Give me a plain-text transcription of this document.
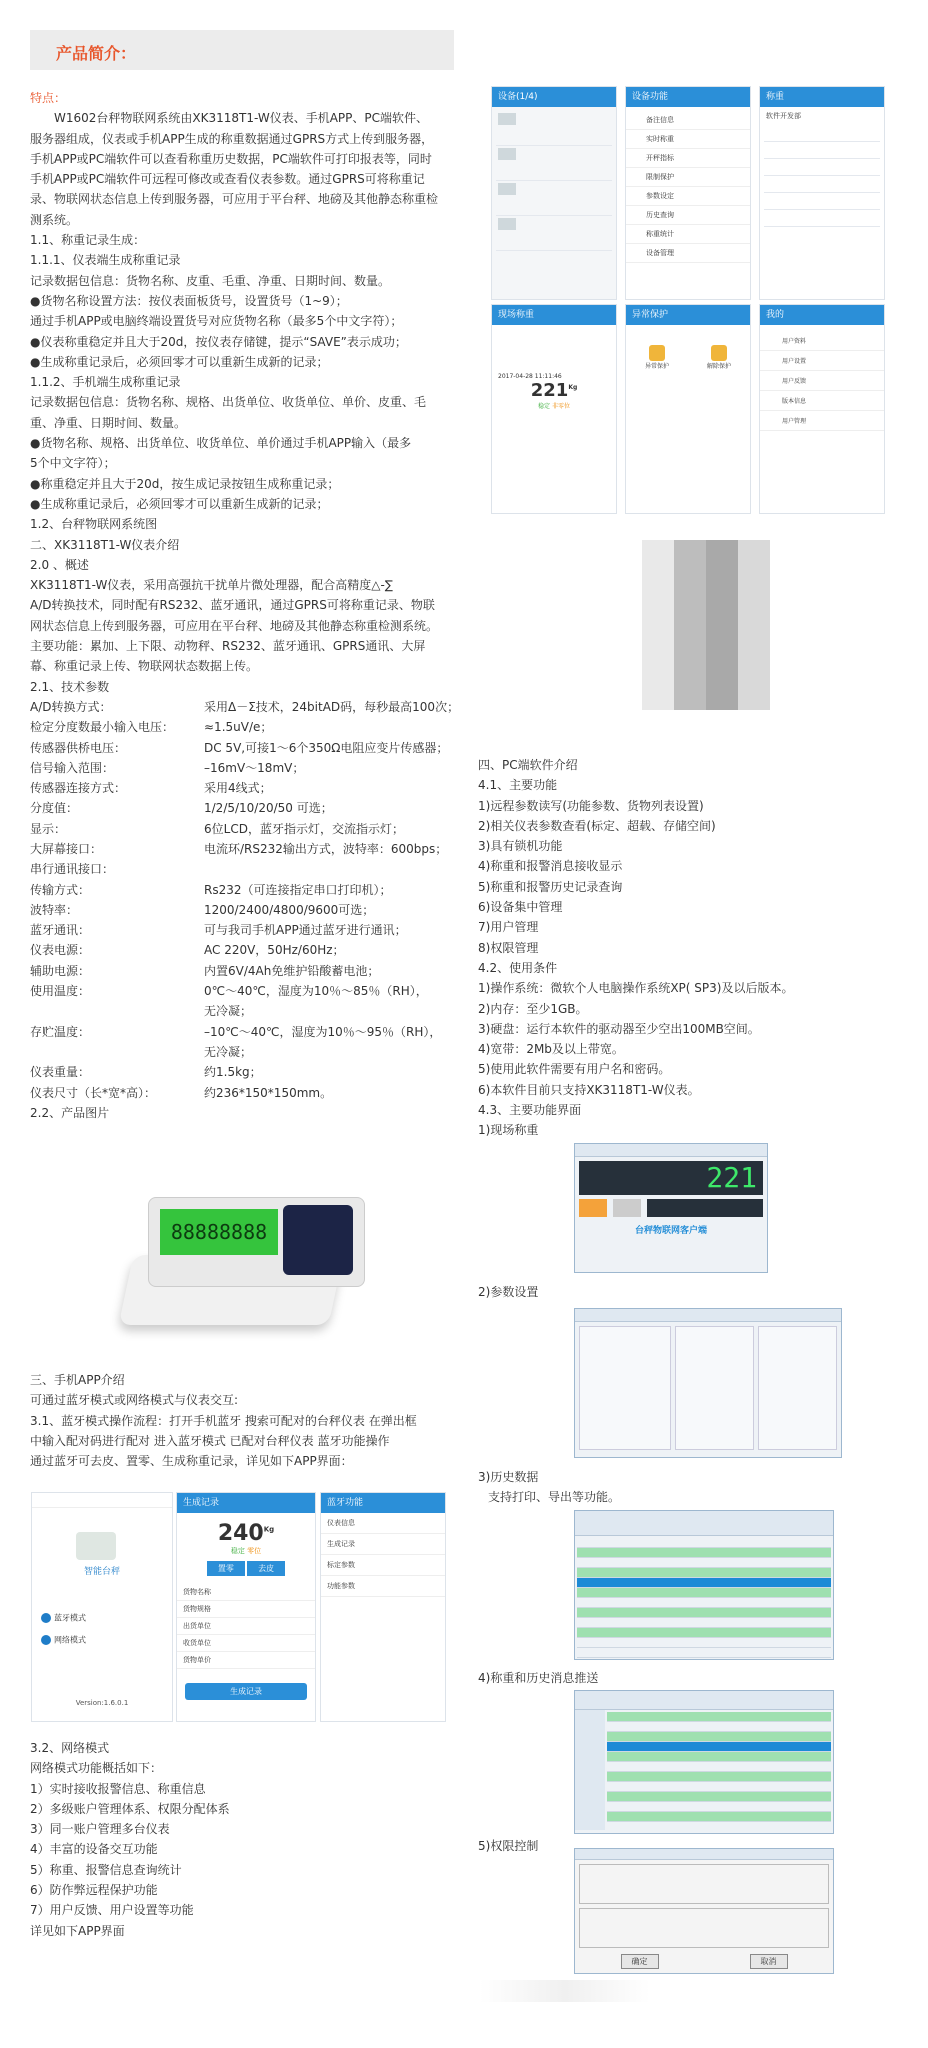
产品简介：

特点：

W1602台秤物联网系统由XK3118T1-W仪表、手机APP、PC端软件、

服务器组成，仪表或手机APP生成的称重数据通过GPRS方式上传到服务器，

手机APP或PC端软件可以查看称重历史数据，PC端软件可打印报表等，同时

手机APP或PC端软件可远程可修改或查看仪表参数。通过GPRS可将称重记

录、物联网状态信息上传到服务器，可应用于平台秤、地磅及其他静态称重检

测系统。

1.1、称重记录生成：

1.1.1、仪表端生成称重记录

记录数据包信息：货物名称、皮重、毛重、净重、日期时间、数量。

●货物名称设置方法：按仪表面板货号，设置货号（1~9）；

通过手机APP或电脑终端设置货号对应货物名称（最多5个中文字符）；

●仪表称重稳定并且大于20d，按仪表存储键，提示“SAVE”表示成功；

●生成称重记录后，必须回零才可以重新生成新的记录；

1.1.2、手机端生成称重记录

记录数据包信息：货物名称、规格、出货单位、收货单位、单价、皮重、毛

重、净重、日期时间、数量。

●货物名称、规格、出货单位、收货单位、单价通过手机APP输入（最多

5个中文字符）；

●称重稳定并且大于20d，按生成记录按钮生成称重记录；

●生成称重记录后，必须回零才可以重新生成新的记录；

1.2、台秤物联网系统图

二、XK3118T1-W仪表介绍

2.0 、概述

XK3118T1-W仪表，采用高强抗干扰单片微处理器，配合高精度△-∑

A/D转换技术，同时配有RS232、蓝牙通讯，通过GPRS可将称重记录、物联

网状态信息上传到服务器，可应用在平台秤、地磅及其他静态称重检测系统。

主要功能：累加、上下限、动物秤、RS232、蓝牙通讯、GPRS通讯、大屏

幕、称重记录上传、物联网状态数据上传。

2.1、技术参数

A/D转换方式：	采用Δ－Σ技术，24bitAD码，每秒最高100次；
检定分度数最小输入电压：	≈1.5uV/e；
传感器供桥电压：	DC 5V,可接1～6个350Ω电阻应变片传感器；
信号输入范围：	–16mV～18mV；
传感器连接方式：	采用4线式；
分度值：	1/2/5/10/20/50 可选；
显示：	6位LCD，蓝牙指示灯，交流指示灯；
大屏幕接口：	电流环/RS232输出方式，波特率：600bps；
串行通讯接口：
传输方式：	Rs232（可连接指定串口打印机）；
波特率：	1200/2400/4800/9600可选；
蓝牙通讯：	可与我司手机APP通过蓝牙进行通讯；
仪表电源：	AC 220V，50Hz/60Hz；
辅助电源：	内置6V/4Ah免维护铅酸蓄电池；
使用温度：	0℃～40℃，湿度为10％～85％（RH），
无冷凝；
存贮温度：	–10℃～40℃，湿度为10％～95％（RH），
无冷凝；
仪表重量：	约1.5kg；
仪表尺寸（长*宽*高）：	约236*150*150mm。

2.2、产品图片

88888888

三、手机APP介绍

可通过蓝牙模式或网络模式与仪表交互:

3.1、蓝牙模式操作流程：打开手机蓝牙 搜索可配对的台秤仪表 在弹出框

中输入配对码进行配对 进入蓝牙模式 已配对台秤仪表 蓝牙功能操作

通过蓝牙可去皮、置零、生成称重记录，详见如下APP界面：

智能台秤
蓝牙模式
网络模式
Version:1.6.0.1
生成记录
$240^{Kg}$
稳定 零位
置零	去皮
货物名称
货物规格
出货单位
收货单位
货物单价
生成记录
蓝牙功能
仪表信息
生成记录
标定参数
功能参数

3.2、网络模式

网络模式功能概括如下：

1）实时接收报警信息、称重信息

2）多级账户管理体系、权限分配体系

3）同一账户管理多台仪表

4）丰富的设备交互功能

5）称重、报警信息查询统计

6）防作弊远程保护功能

7）用户反馈、用户设置等功能

详见如下APP界面

设备(1/4)	设备功能
备注信息
实时称重
开秤指标
限制保护
参数设定
历史查询
称重统计
设备管理
称重
软件开发部
现场称重
2017-04-28 11:11:46
$221^{Kg}$
稳定 非零位
异常保护
异常保护	解除保护
我的
用户资料
用户设置
用户反馈
版本信息
用户管理

四、PC端软件介绍

4.1、主要功能

1)远程参数读写(功能参数、货物列表设置)

2)相关仪表参数查看(标定、超载、存储空间)

3)具有锁机功能

4)称重和报警消息接收显示

5)称重和报警历史记录查询

6)设备集中管理

7)用户管理

8)权限管理

4.2、使用条件

1)操作系统：微软个人电脑操作系统XP( SP3)及以后版本。

2)内存：至少1GB。

3)硬盘：运行本软件的驱动器至少空出100MB空间。

4)宽带：2Mb及以上带宽。

5)使用此软件需要有用户名和密码。

6)本软件目前只支持XK3118T1-W仪表。

4.3、主要功能界面

1)现场称重

221
台秤物联网客户端

2)参数设置

3)历史数据

支持打印、导出等功能。

4)称重和历史消息推送

5)权限控制

确定	取消
